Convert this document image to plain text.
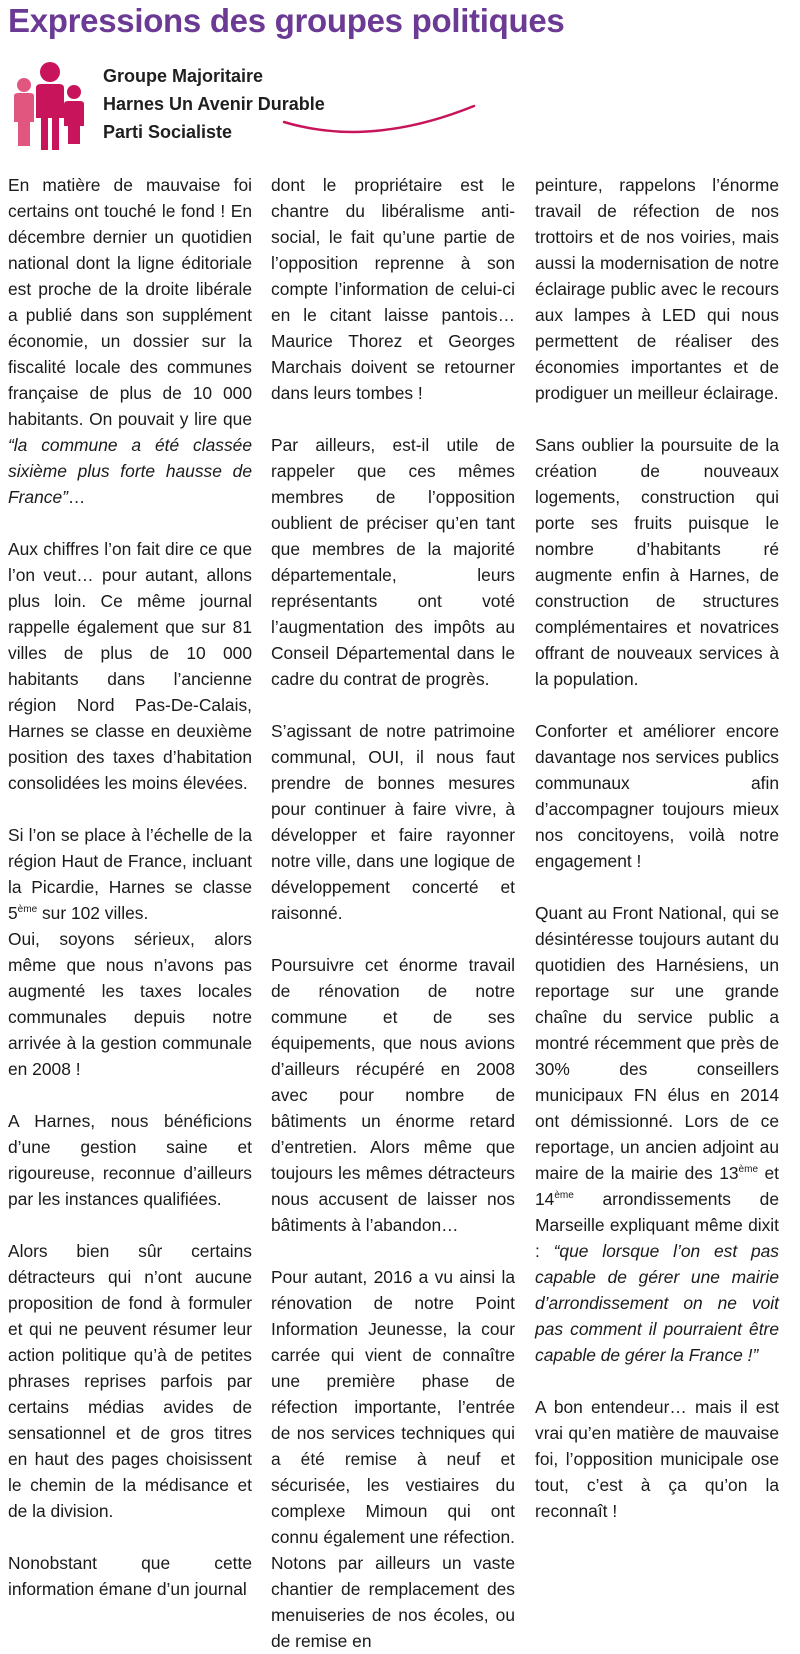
Expressions des groupes politiques
Groupe Majoritaire
Harnes Un Avenir Durable
Parti Socialiste

En matière de mauvaise foi certains ont touché le fond ! En décembre dernier un quotidien national dont la ligne éditoriale est proche de la droite libérale a publié dans son supplément économie, un dossier sur la fiscalité locale des communes française de plus de 10 000 habitants. On pouvait y lire que “la commune a été classée sixième plus forte hausse de France”…

Aux chiffres l’on fait dire ce que l’on veut… pour autant, allons plus loin. Ce même journal rappelle également que sur 81 villes de plus de 10 000 habitants dans l’ancienne région Nord Pas-De-Calais, Harnes se classe en deuxième position des taxes d’habitation consolidées les moins élevées.

Si l’on se place à l’échelle de la région Haut de France, incluant la Picardie, Harnes se classe 5ème sur 102 villes.
Oui, soyons sérieux, alors même que nous n’avons pas augmenté les taxes locales communales depuis notre arrivée à la gestion communale en 2008 !

A Harnes, nous bénéficions d’une gestion saine et rigoureuse, reconnue d’ailleurs par les instances qualifiées.

Alors bien sûr certains détracteurs qui n’ont aucune proposition de fond à formuler et qui ne peuvent résumer leur action politique qu’à de petites phrases reprises parfois par certains médias avides de sensationnel et de gros titres en haut des pages choisissent le chemin de la médisance et de la division.

Nonobstant que cette information émane d’un journal

dont le propriétaire est le chantre du libéralisme anti-social, le fait qu’une partie de l’opposition reprenne à son compte l’information de celui-ci en le citant laisse pantois… Maurice Thorez et Georges Marchais doivent se retourner dans leurs tombes !

Par ailleurs, est-il utile de rappeler que ces mêmes membres de l’opposition oublient de préciser qu’en tant que membres de la majorité départementale, leurs représentants ont voté l’augmentation des impôts au Conseil Départemental dans le cadre du contrat de progrès.

S’agissant de notre patrimoine communal, OUI, il nous faut prendre de bonnes mesures pour continuer à faire vivre, à développer et faire rayonner notre ville, dans une logique de développement concerté et raisonné.

Poursuivre cet énorme travail de rénovation de notre commune et de ses équipements, que nous avions d’ailleurs récupéré en 2008 avec pour nombre de bâtiments un énorme retard d’entretien. Alors même que toujours les mêmes détracteurs nous accusent de laisser nos bâtiments à l’abandon…

Pour autant, 2016 a vu ainsi la rénovation de notre Point Information Jeunesse, la cour carrée qui vient de connaître une première phase de réfection importante, l’entrée de nos services techniques qui a été remise à neuf et sécurisée, les vestiaires du complexe Mimoun qui ont connu également une réfection. Notons par ailleurs un vaste chantier de remplacement des menuiseries de nos écoles, ou de remise en

peinture, rappelons l’énorme travail de réfection de nos trottoirs et de nos voiries, mais aussi la modernisation de notre éclairage public avec le recours aux lampes à LED qui nous permettent de réaliser des économies importantes et de prodiguer un meilleur éclairage.

Sans oublier la poursuite de la création de nouveaux logements, construction qui porte ses fruits puisque le nombre d’habitants ré augmente enfin à Harnes, de construction de structures complémentaires et novatrices offrant de nouveaux services à la population.

Conforter et améliorer encore davantage nos services publics communaux afin d’accompagner toujours mieux nos concitoyens, voilà notre engagement !

Quant au Front National, qui se désintéresse toujours autant du quotidien des Harnésiens, un reportage sur une grande chaîne du service public a montré récemment que près de 30% des conseillers municipaux FN élus en 2014 ont démissionné. Lors de ce reportage, un ancien adjoint au maire de la mairie des 13ème et 14ème arrondissements de Marseille expliquant même dixit : “que lorsque l’on est pas capable de gérer une mairie d’arrondissement on ne voit pas comment il pourraient être capable de gérer la France !”

A bon entendeur… mais il est vrai qu’en matière de mauvaise foi, l’opposition municipale ose tout, c’est à ça qu’on la reconnaît !
